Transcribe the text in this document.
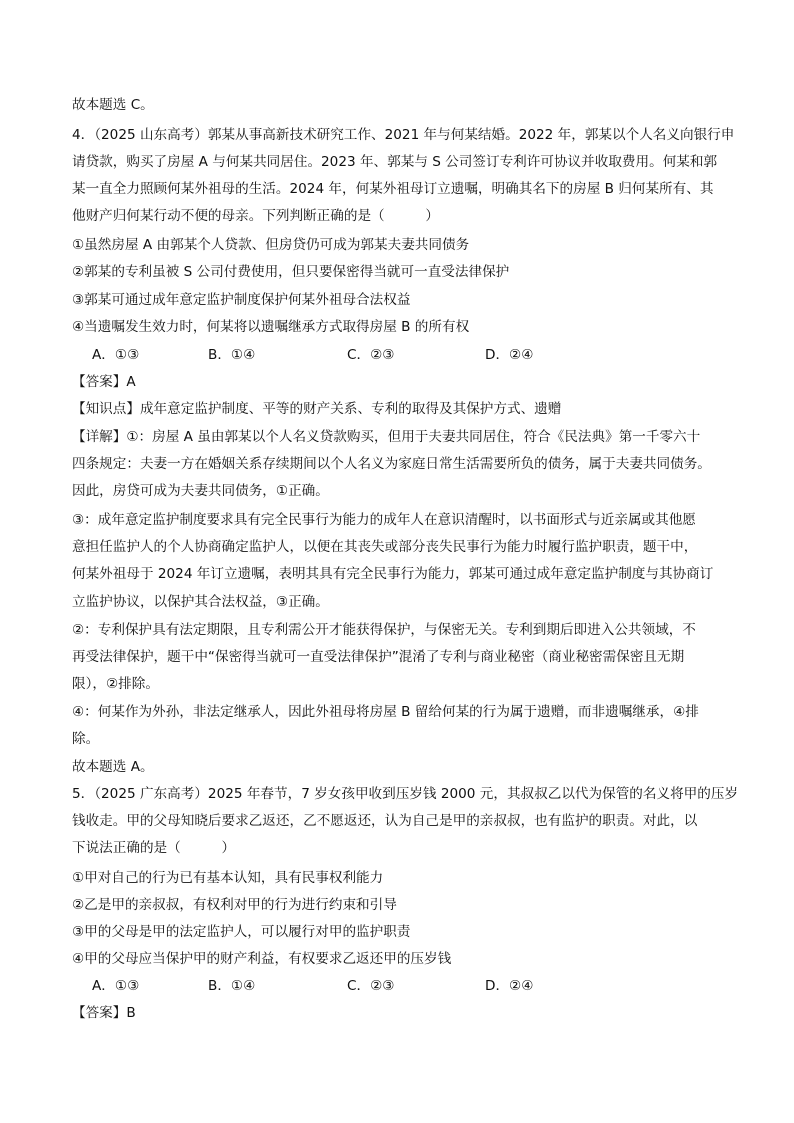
故本题选 C。
4．（2025 山东高考）郭某从事高新技术研究工作、2021 年与何某结婚。2022 年，郭某以个人名义向银行申
请贷款，购买了房屋 A 与何某共同居住。2023 年、郭某与 S 公司签订专利许可协议并收取费用。何某和郭
某一直全力照顾何某外祖母的生活。2024 年，何某外祖母订立遗嘱，明确其名下的房屋 B 归何某所有、其
他财产归何某行动不便的母亲。下列判断正确的是（　　　）
①虽然房屋 A 由郭某个人贷款、但房贷仍可成为郭某夫妻共同债务
②郭某的专利虽被 S 公司付费使用，但只要保密得当就可一直受法律保护
③郭某可通过成年意定监护制度保护何某外祖母合法权益
④当遗嘱发生效力时，何某将以遗嘱继承方式取得房屋 B 的所有权
A．①③	B．①④	C．②③	D．②④
【答案】A
【知识点】成年意定监护制度、平等的财产关系、专利的取得及其保护方式、遗赠
【详解】①：房屋 A 虽由郭某以个人名义贷款购买，但用于夫妻共同居住，符合《民法典》第一千零六十
四条规定：夫妻一方在婚姻关系存续期间以个人名义为家庭日常生活需要所负的债务，属于夫妻共同债务。
因此，房贷可成为夫妻共同债务，①正确。
③：成年意定监护制度要求具有完全民事行为能力的成年人在意识清醒时，以书面形式与近亲属或其他愿
意担任监护人的个人协商确定监护人，以便在其丧失或部分丧失民事行为能力时履行监护职责，题干中，
何某外祖母于 2024 年订立遗嘱，表明其具有完全民事行为能力，郭某可通过成年意定监护制度与其协商订
立监护协议，以保护其合法权益，③正确。
②：专利保护具有法定期限，且专利需公开才能获得保护，与保密无关。专利到期后即进入公共领域，不
再受法律保护，题干中“保密得当就可一直受法律保护”混淆了专利与商业秘密（商业秘密需保密且无期
限），②排除。
④：何某作为外孙，非法定继承人，因此外祖母将房屋 B 留给何某的行为属于遗赠，而非遗嘱继承，④排
除。
故本题选 A。
5．（2025 广东高考）2025 年春节，7 岁女孩甲收到压岁钱 2000 元，其叔叔乙以代为保管的名义将甲的压岁
钱收走。甲的父母知晓后要求乙返还，乙不愿返还，认为自己是甲的亲叔叔，也有监护的职责。对此，以
下说法正确的是（　　　）
①甲对自己的行为已有基本认知，具有民事权利能力
②乙是甲的亲叔叔，有权利对甲的行为进行约束和引导
③甲的父母是甲的法定监护人，可以履行对甲的监护职责
④甲的父母应当保护甲的财产利益，有权要求乙返还甲的压岁钱
A．①③	B．①④	C．②③	D．②④
【答案】B
